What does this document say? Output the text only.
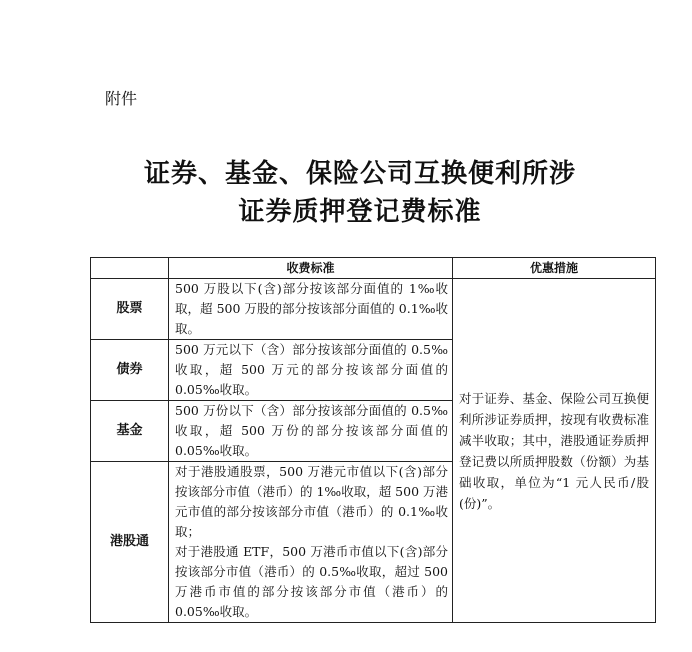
附件
证券、基金、保险公司互换便利所涉
证券质押登记费标准
	收费标准	优惠措施
股票	500 万股以下(含)部分按该部分面值的 1‰收取，超 500 万股的部分按该部分面值的 0.1‰收取。	对于证券、基金、保险公司互换便利所涉证券质押，按现有收费标准减半收取；其中，港股通证券质押登记费以所质押股数（份额）为基础收取，单位为“1 元人民币/股(份)”。
债券	500 万元以下（含）部分按该部分面值的 0.5‰收取，超 500 万元的部分按该部分面值的 0.05‰收取。	
基金	500 万份以下（含）部分按该部分面值的 0.5‰收取，超 500 万份的部分按该部分面值的 0.05‰收取。	
港股通	对于港股通股票，500 万港元市值以下(含)部分按该部分市值（港币）的 1‰收取，超 500 万港元市值的部分按该部分市值（港币）的 0.1‰收取；
对于港股通 ETF，500 万港币市值以下(含)部分按该部分市值（港币）的 0.5‰收取，超过 500 万港币市值的部分按该部分市值（港币）的 0.05‰收取。	
